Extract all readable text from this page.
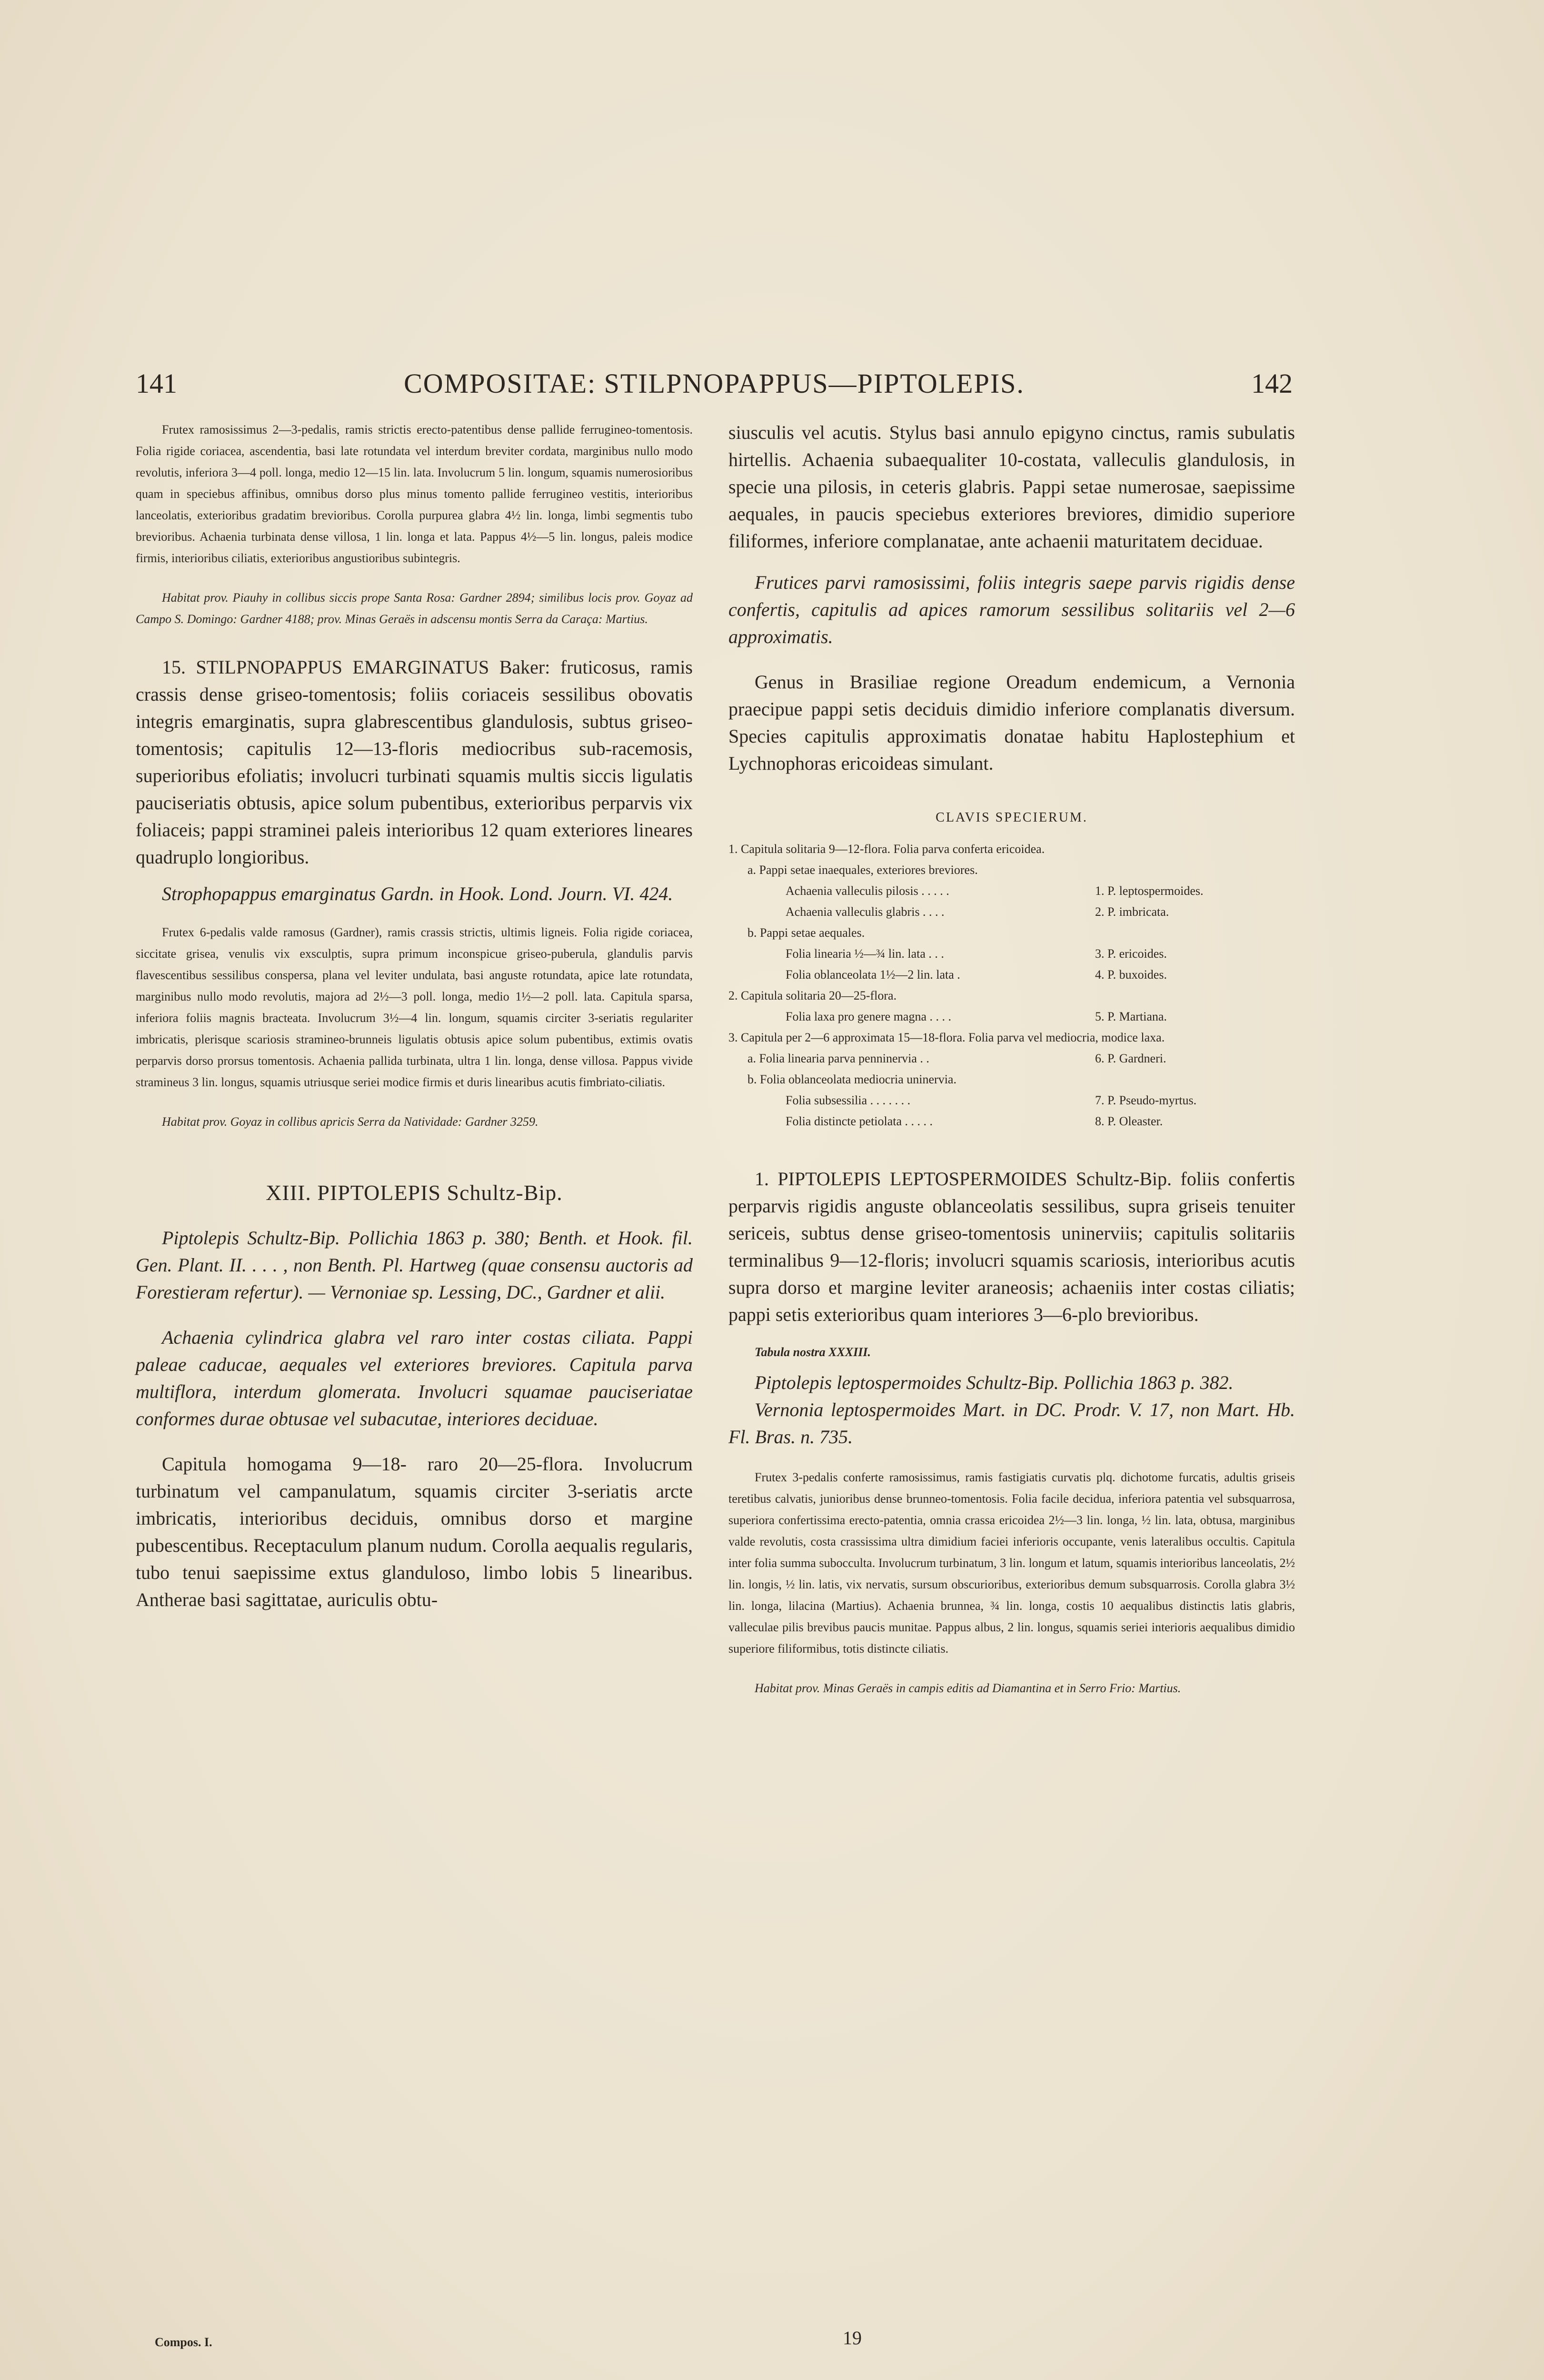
141	COMPOSITAE: STILPNOPAPPUS—PIPTOLEPIS.	142

Frutex ramosissimus 2—3-pedalis, ramis strictis erecto-patentibus dense pallide ferrugineo-tomentosis. Folia rigide coriacea, ascendentia, basi late rotundata vel interdum breviter cordata, marginibus nullo modo revolutis, inferiora 3—4 poll. longa, medio 12—15 lin. lata. Involucrum 5 lin. longum, squamis numerosioribus quam in speciebus affinibus, omnibus dorso plus minus tomento pallide ferrugineo vestitis, interioribus lanceolatis, exterioribus gradatim brevioribus. Corolla purpurea glabra 4½ lin. longa, limbi segmentis tubo brevioribus. Achaenia turbinata dense villosa, 1 lin. longa et lata. Pappus 4½—5 lin. longus, paleis modice firmis, interioribus ciliatis, exterioribus angustioribus subintegris.

Habitat prov. Piauhy in collibus siccis prope Santa Rosa: Gardner 2894; similibus locis prov. Goyaz ad Campo S. Domingo: Gardner 4188; prov. Minas Geraës in adscensu montis Serra da Caraça: Martius.

15. STILPNOPAPPUS EMARGINATUS Baker: fruticosus, ramis crassis dense griseo-tomentosis; foliis coriaceis sessilibus obovatis integris emarginatis, supra glabrescentibus glandulosis, subtus griseo-tomentosis; capitulis 12—13-floris mediocribus sub-racemosis, superioribus efoliatis; involucri turbinati squamis multis siccis ligulatis pauciseriatis obtusis, apice solum pubentibus, exterioribus perparvis vix foliaceis; pappi straminei paleis interioribus 12 quam exteriores lineares quadruplo longioribus.

Strophopappus emarginatus Gardn. in Hook. Lond. Journ. VI. 424.

Frutex 6-pedalis valde ramosus (Gardner), ramis crassis strictis, ultimis ligneis. Folia rigide coriacea, siccitate grisea, venulis vix exsculptis, supra primum inconspicue griseo-puberula, glandulis parvis flavescentibus sessilibus conspersa, plana vel leviter undulata, basi anguste rotundata, apice late rotundata, marginibus nullo modo revolutis, majora ad 2½—3 poll. longa, medio 1½—2 poll. lata. Capitula sparsa, inferiora foliis magnis bracteata. Involucrum 3½—4 lin. longum, squamis circiter 3-seriatis regulariter imbricatis, plerisque scariosis stramineo-brunneis ligulatis obtusis apice solum pubentibus, extimis ovatis perparvis dorso prorsus tomentosis. Achaenia pallida turbinata, ultra 1 lin. longa, dense villosa. Pappus vivide stramineus 3 lin. longus, squamis utriusque seriei modice firmis et duris linearibus acutis fimbriato-ciliatis.

Habitat prov. Goyaz in collibus apricis Serra da Natividade: Gardner 3259.

XIII. PIPTOLEPIS Schultz-Bip.

Piptolepis Schultz-Bip. Pollichia 1863 p. 380; Benth. et Hook. fil. Gen. Plant. II. . . . , non Benth. Pl. Hartweg (quae consensu auctoris ad Forestieram refertur). — Vernoniae sp. Lessing, DC., Gardner et alii.

Achaenia cylindrica glabra vel raro inter costas ciliata. Pappi paleae caducae, aequales vel exteriores breviores. Capitula parva multiflora, interdum glomerata. Involucri squamae pauciseriatae conformes durae obtusae vel subacutae, interiores deciduae.

Capitula homogama 9—18- raro 20—25-flora. Involucrum turbinatum vel campanulatum, squamis circiter 3-seriatis arcte imbricatis, interioribus deciduis, omnibus dorso et margine pubescentibus. Receptaculum planum nudum. Corolla aequalis regularis, tubo tenui saepissime extus glanduloso, limbo lobis 5 linearibus. Antherae basi sagittatae, auriculis obtu-

siusculis vel acutis. Stylus basi annulo epigyno cinctus, ramis subulatis hirtellis. Achaenia subaequaliter 10-costata, valleculis glandulosis, in specie una pilosis, in ceteris glabris. Pappi setae numerosae, saepissime aequales, in paucis speciebus exteriores breviores, dimidio superiore filiformes, inferiore complanatae, ante achaenii maturitatem deciduae.

Frutices parvi ramosissimi, foliis integris saepe parvis rigidis dense confertis, capitulis ad apices ramorum sessilibus solitariis vel 2—6 approximatis.

Genus in Brasiliae regione Oreadum endemicum, a Vernonia praecipue pappi setis deciduis dimidio inferiore complanatis diversum. Species capitulis approximatis donatae habitu Haplostephium et Lychnophoras ericoideas simulant.

CLAVIS SPECIERUM.

1. Capitula solitaria 9—12-flora. Folia parva conferta ericoidea.
a. Pappi setae inaequales, exteriores breviores.
Achaenia valleculis pilosis . . . . .	1. P. leptospermoides.
Achaenia valleculis glabris . . . .	2. P. imbricata.
b. Pappi setae aequales.
Folia linearia ½—¾ lin. lata . . .	3. P. ericoides.
Folia oblanceolata 1½—2 lin. lata .	4. P. buxoides.
2. Capitula solitaria 20—25-flora.
Folia laxa pro genere magna . . . .	5. P. Martiana.
3. Capitula per 2—6 approximata 15—18-flora. Folia parva vel mediocria, modice laxa.
a. Folia linearia parva penninervia . .	6. P. Gardneri.
b. Folia oblanceolata mediocria uninervia.
Folia subsessilia . . . . . . .	7. P. Pseudo-myrtus.
Folia distincte petiolata . . . . .	8. P. Oleaster.

1. PIPTOLEPIS LEPTOSPERMOIDES Schultz-Bip. foliis confertis perparvis rigidis anguste oblanceolatis sessilibus, supra griseis tenuiter sericeis, subtus dense griseo-tomentosis uninerviis; capitulis solitariis terminalibus 9—12-floris; involucri squamis scariosis, interioribus acutis supra dorso et margine leviter araneosis; achaeniis inter costas ciliatis; pappi setis exterioribus quam interiores 3—6-plo brevioribus.

Tabula nostra XXXIII.

Piptolepis leptospermoides Schultz-Bip. Pollichia 1863 p. 382.

Vernonia leptospermoides Mart. in DC. Prodr. V. 17, non Mart. Hb. Fl. Bras. n. 735.

Frutex 3-pedalis conferte ramosissimus, ramis fastigiatis curvatis plq. dichotome furcatis, adultis griseis teretibus calvatis, junioribus dense brunneo-tomentosis. Folia facile decidua, inferiora patentia vel subsquarrosa, superiora confertissima erecto-patentia, omnia crassa ericoidea 2½—3 lin. longa, ½ lin. lata, obtusa, marginibus valde revolutis, costa crassissima ultra dimidium faciei inferioris occupante, venis lateralibus occultis. Capitula inter folia summa subocculta. Involucrum turbinatum, 3 lin. longum et latum, squamis interioribus lanceolatis, 2½ lin. longis, ½ lin. latis, vix nervatis, sursum obscurioribus, exterioribus demum subsquarrosis. Corolla glabra 3½ lin. longa, lilacina (Martius). Achaenia brunnea, ¾ lin. longa, costis 10 aequalibus distinctis latis glabris, valleculae pilis brevibus paucis munitae. Pappus albus, 2 lin. longus, squamis seriei interioris aequalibus dimidio superiore filiformibus, totis distincte ciliatis.

Habitat prov. Minas Geraës in campis editis ad Diamantina et in Serro Frio: Martius.

Compos. I.	19
